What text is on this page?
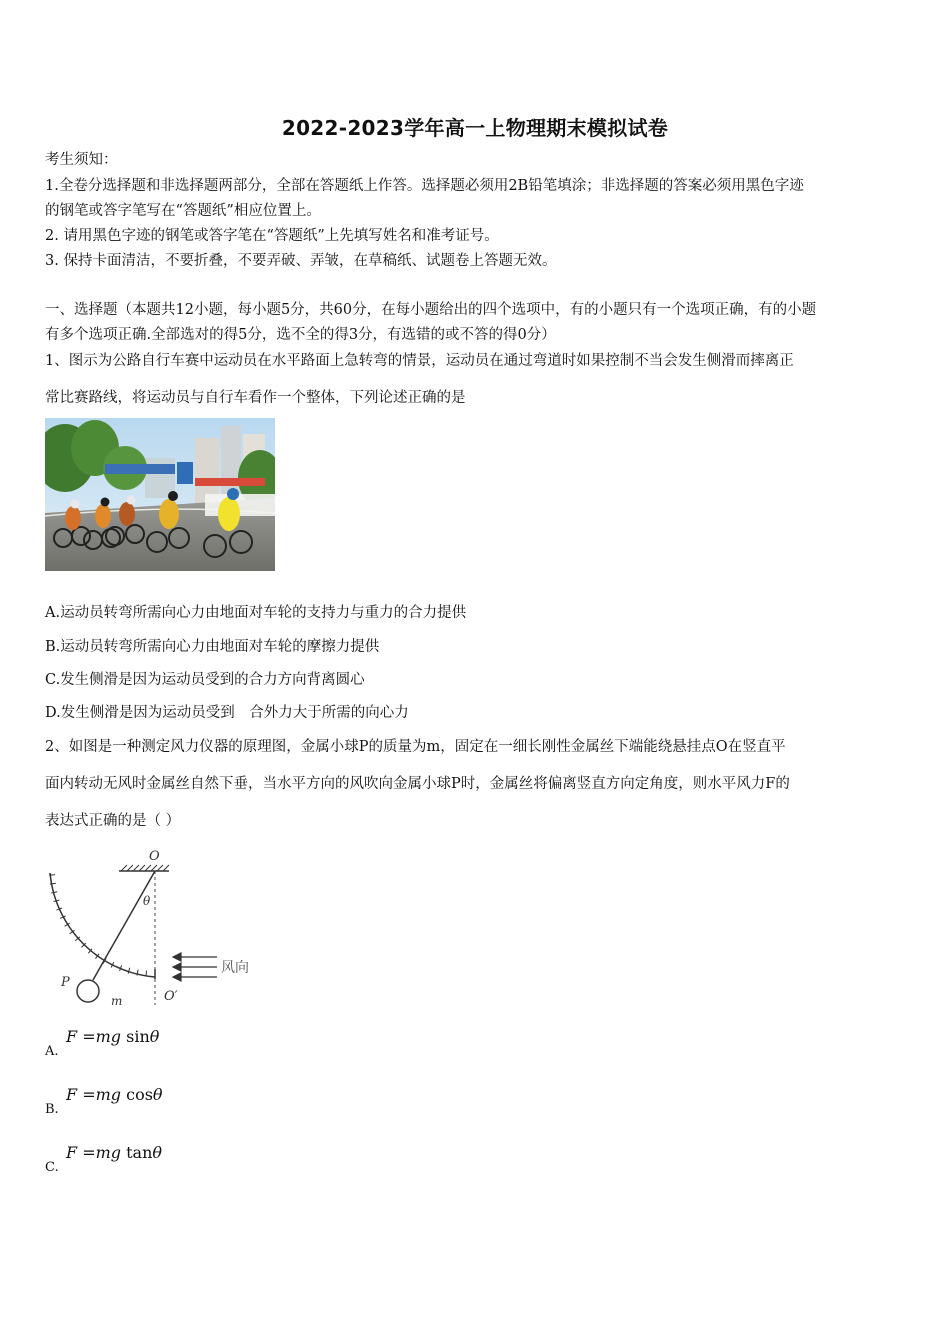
2022-2023学年高一上物理期末模拟试卷
考生须知：
1.全卷分选择题和非选择题两部分，全部在答题纸上作答。选择题必须用2B铅笔填涂；非选择题的答案必须用黑色字迹
的钢笔或答字笔写在“答题纸”相应位置上。
2. 请用黑色字迹的钢笔或答字笔在“答题纸”上先填写姓名和准考证号。
3. 保持卡面清洁，不要折叠，不要弄破、弄皱，在草稿纸、试题卷上答题无效。
一、选择题（本题共12小题，每小题5分，共60分，在每小题给出的四个选项中，有的小题只有一个选项正确，有的小题
有多个选项正确.全部选对的得5分，选不全的得3分，有选错的或不答的得0分）
1、图示为公路自行车赛中运动员在水平路面上急转弯的情景，运动员在通过弯道时如果控制不当会发生侧滑而摔离正
常比赛路线，将运动员与自行车看作一个整体，下列论述正确的是
A.运动员转弯所需向心力由地面对车轮的支持力与重力的合力提供
B.运动员转弯所需向心力由地面对车轮的摩擦力提供
C.发生侧滑是因为运动员受到的合力方向背离圆心
D.发生侧滑是因为运动员受到　合外力大于所需的向心力
2、如图是一种测定风力仪器的原理图，金属小球P的质量为m，固定在一细长刚性金属丝下端能绕悬挂点O在竖直平
面内转动无风时金属丝自然下垂，当水平方向的风吹向金属小球P时，金属丝将偏离竖直方向定角度，则水平风力F的
表达式正确的是（ ）
O
P
m	O′
θ
风向
F =mg sinθ
A.
F =mg cosθ
B.
F =mg tanθ
C.
